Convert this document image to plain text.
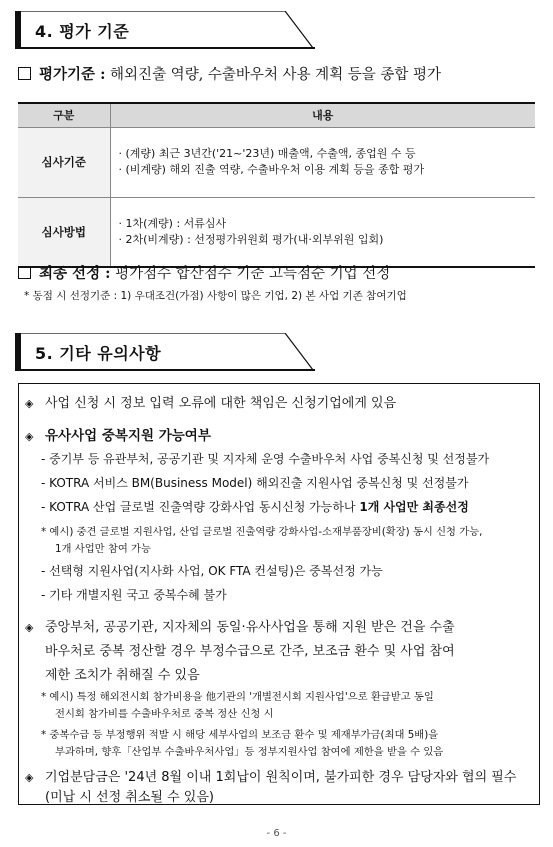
4. 평가 기준
평가기준 : 해외진출 역량, 수출바우처 사용 계획 등을 종합 평가
구분	내용
심사기준	· (계량) 최근 3년간('21~'23년) 매출액, 수출액, 종업원 수 등
· (비계량) 해외 진출 역량, 수출바우처 이용 계획 등을 종합 평가

심사방법	· 1차(계량) : 서류심사
· 2차(비계량) : 선정평가위원회 평가(내·외부위원 입회)
최종 선정 : 평가점수 합산점수 기준 고득점순 기업 선정
* 동점 시 선정기준 : 1) 우대조건(가점) 사항이 많은 기업, 2) 본 사업 기존 참여기업
5. 기타 유의사항
◈ 사업 신청 시 정보 입력 오류에 대한 책임은 신청기업에게 있음
◈ 유사사업 중복지원 가능여부
- 중기부 등 유관부처, 공공기관 및 지자체 운영 수출바우처 사업 중복신청 및 선정불가
- KOTRA 서비스 BM(Business Model) 해외진출 지원사업 중복신청 및 선정불가
- KOTRA 산업 글로벌 진출역량 강화사업 동시신청 가능하나 1개 사업만 최종선정
* 예시) 중견 글로벌 지원사업, 산업 글로벌 진출역량 강화사업-소재부품장비(확장) 동시 신청 가능,
1개 사업만 참여 가능
- 선택형 지원사업(지사화 사업, OK FTA 컨설팅)은 중복선정 가능
- 기타 개별지원 국고 중복수혜 불가
◈ 중앙부처, 공공기관, 지자체의 동일·유사사업을 통해 지원 받은 건을 수출
바우처로 중복 정산할 경우 부정수급으로 간주, 보조금 환수 및 사업 참여
제한 조치가 취해질 수 있음
* 예시) 특정 해외전시회 참가비용을 他기관의 '개별전시회 지원사업'으로 환급받고 동일
전시회 참가비를 수출바우처로 중복 정산 신청 시
* 중복수급 등 부정행위 적발 시 해당 세부사업의 보조금 환수 및 제재부가금(최대 5배)을
부과하며, 향후「산업부 수출바우처사업」등 정부지원사업 참여에 제한을 받을 수 있음
◈ 기업분담금은 '24년 8월 이내 1회납이 원칙이며, 불가피한 경우 담당자와 협의 필수
(미납 시 선정 취소될 수 있음)
- 6 -
